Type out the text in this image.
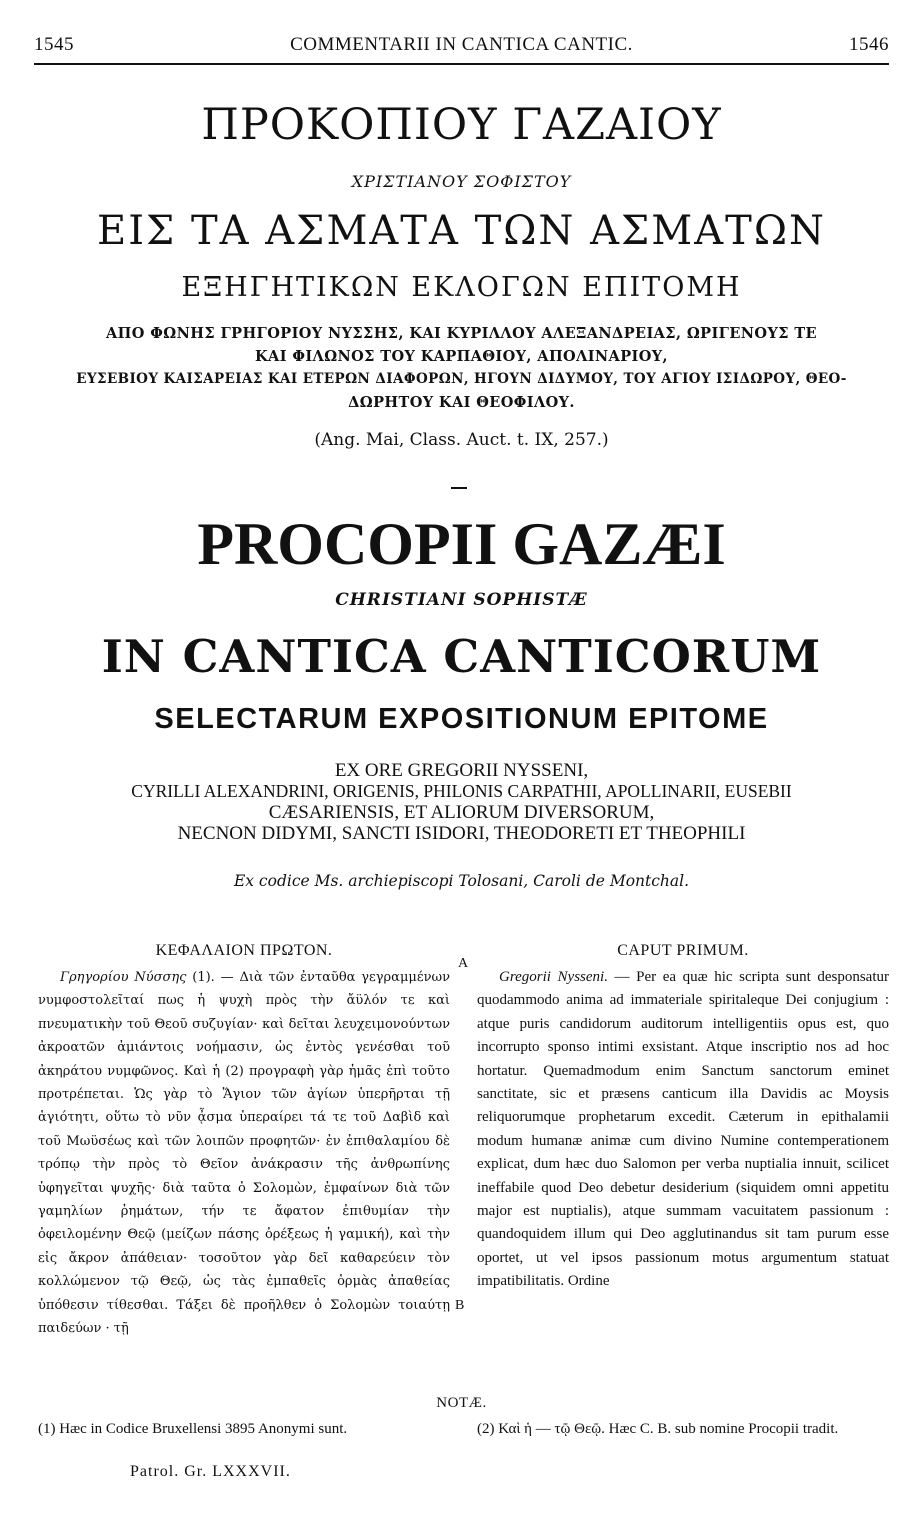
1545	COMMENTARII IN CANTICA CANTIC.	1546
ΠΡΟΚΟΠΙΟΥ ΓΑΖΑΙΟΥ
ΧΡΙΣΤΙΑΝΟΥ ΣΟΦΙΣΤΟΥ
ΕΙΣ ΤΑ ΑΣΜΑΤΑ ΤΩΝ ΑΣΜΑΤΩΝ
ΕΞΗΓΗΤΙΚΩΝ ΕΚΛΟΓΩΝ ΕΠΙΤΟΜΗ
ΑΠΟ ΦΩΝΗΣ ΓΡΗΓΟΡΙΟΥ ΝΥΣΣΗΣ, ΚΑΙ ΚΥΡΙΛΛΟΥ ΑΛΕΞΑΝΔΡΕΙΑΣ, ΩΡΙΓΕΝΟΥΣ ΤΕ
ΚΑΙ ΦΙΛΩΝΟΣ ΤΟΥ ΚΑΡΠΑΘΙΟΥ, ΑΠΟΛΙΝΑΡΙΟΥ,
ΕΥΣΕΒΙΟΥ ΚΑΙΣΑΡΕΙΑΣ ΚΑΙ ΕΤΕΡΩΝ ΔΙΑΦΟΡΩΝ, ΗΓΟΥΝ ΔΙΔΥΜΟΥ, ΤΟΥ ΑΓΙΟΥ ΙΣΙΔΩΡΟΥ, ΘΕΟ-
ΔΩΡΗΤΟΥ ΚΑΙ ΘΕΟΦΙΛΟΥ.
(Ang. Mai, Class. Auct. t. IX, 257.)
PROCOPII GAZÆI
CHRISTIANI SOPHISTÆ
IN CANTICA CANTICORUM
SELECTARUM EXPOSITIONUM EPITOME
EX ORE GREGORII NYSSENI,
CYRILLI ALEXANDRINI, ORIGENIS, PHILONIS CARPATHII, APOLLINARII, EUSEBII
CÆSARIENSIS, ET ALIORUM DIVERSORUM,
NECNON DIDYMI, SANCTI ISIDORI, THEODORETI ET THEOPHILI
Ex codice Ms. archiepiscopi Tolosani, Caroli de Montchal.
ΚΕΦΑΛΑΙΟΝ ΠΡΩΤΟΝ.

Γρηγορίου Νύσσης (1). — Διὰ τῶν ἐνταῦθα γεγραμμένων νυμφοστολεῖταί πως ἡ ψυχὴ πρὸς τὴν ἄϋλόν τε καὶ πνευματικὴν τοῦ Θεοῦ συζυγίαν· καὶ δεῖται λευχειμονούντων ἀκροατῶν ἀμιάντοις νοήμασιν, ὡς ἐντὸς γενέσθαι τοῦ ἀκηράτου νυμφῶνος. Καὶ ἡ (2) προγραφὴ γὰρ ἡμᾶς ἐπὶ τοῦτο προτρέπεται. Ὡς γὰρ τὸ Ἅγιον τῶν ἁγίων ὑπερῆρται τῇ ἁγιότητι, οὕτω τὸ νῦν ᾆσμα ὑπεραίρει τά τε τοῦ Δαβὶδ καὶ τοῦ Μωϋσέως καὶ τῶν λοιπῶν προφητῶν· ἐν ἐπιθαλαμίου δὲ τρόπῳ τὴν πρὸς τὸ Θεῖον ἀνάκρασιν τῆς ἀνθρωπίνης ὑφηγεῖται ψυχῆς· διὰ ταῦτα ὁ Σολομὼν, ἐμφαίνων διὰ τῶν γαμηλίων ῥημάτων, τήν τε ἄφατον ἐπιθυμίαν τὴν ὀφειλομένην Θεῷ (μείζων πάσης ὀρέξεως ἡ γαμική), καὶ τὴν εἰς ἄκρον ἀπάθειαν· τοσοῦτον γὰρ δεῖ καθαρεύειν τὸν κολλώμενον τῷ Θεῷ, ὡς τὰς ἐμπαθεῖς ὁρμὰς ἀπαθείας ὑπόθεσιν τίθεσθαι. Τάξει δὲ προῆλθεν ὁ Σολομὼν τοιαύτῃ παιδεύων · τῇ

A
B
CAPUT PRIMUM.

Gregorii Nysseni. — Per ea quæ hic scripta sunt desponsatur quodammodo anima ad immateriale spiritaleque Dei conjugium : atque puris candidorum auditorum intelligentiis opus est, quo incorrupto sponso intimi exsistant. Atque inscriptio nos ad hoc hortatur. Quemadmodum enim Sanctum sanctorum eminet sanctitate, sic et præsens canticum illa Davidis ac Moysis reliquorumque prophetarum excedit. Cæterum in epithalamii modum humanæ animæ cum divino Numine contemperationem explicat, dum hæc duo Salomon per verba nuptialia innuit, scilicet ineffabile quod Deo debetur desiderium (siquidem omni appetitu major est nuptialis), atque summam vacuitatem passionum : quandoquidem illum qui Deo agglutinandus sit tam purum esse oportet, ut vel ipsos passionum motus argumentum statuat impatibilitatis. Ordine

NOTÆ.
(1) Hæc in Codice Bruxellensi 3895 Anonymi sunt.	(2) Καὶ ἡ — τῷ Θεῷ. Hæc C. B. sub nomine Procopii tradit.
Patrol. Gr. LXXXVII.
